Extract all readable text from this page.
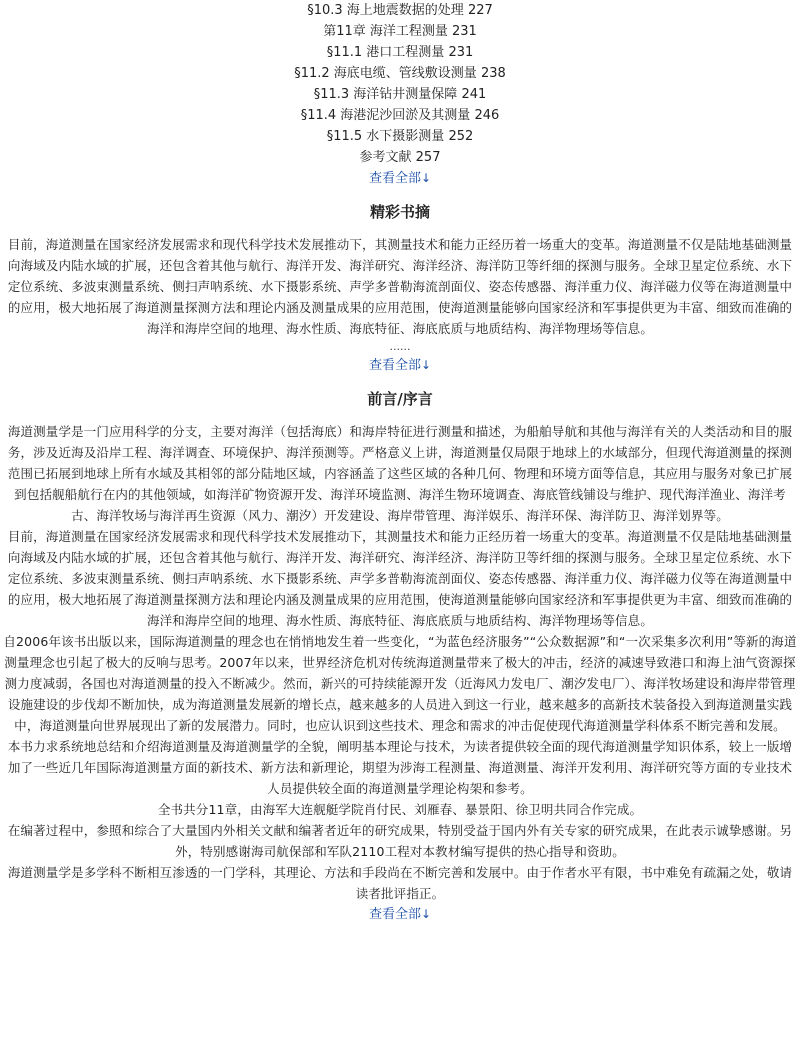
§10.3 海上地震数据的处理 227
第11章 海洋工程测量 231
§11.1 港口工程测量 231
§11.2 海底电缆、管线敷设测量 238
§11.3 海洋钻井测量保障 241
§11.4 海港泥沙回淤及其测量 246
§11.5 水下摄影测量 252
参考文献 257
查看全部↓
精彩书摘

目前，海道测量在国家经济发展需求和现代科学技术发展推动下，其测量技术和能力正经历着一场重大的变革。海道测量不仅是陆地基础测量向海域及内陆水域的扩展，还包含着其他与航行、海洋开发、海洋研究、海洋经济、海洋防卫等纤细的探测与服务。全球卫星定位系统、水下定位系统、多波束测量系统、侧扫声呐系统、水下摄影系统、声学多普勒海流剖面仪、姿态传感器、海洋重力仪、海洋磁力仪等在海道测量中的应用，极大地拓展了海道测量探测方法和理论内涵及测量成果的应用范围，使海道测量能够向国家经济和军事提供更为丰富、细致而准确的海洋和海岸空间的地理、海水性质、海底特征、海底底质与地质结构、海洋物理场等信息。

......
查看全部↓
前言/序言

海道测量学是一门应用科学的分支，主要对海洋（包括海底）和海岸特征进行测量和描述，为船舶导航和其他与海洋有关的人类活动和目的服务，涉及近海及沿岸工程、海洋调查、环境保护、海洋预测等。严格意义上讲，海道测量仅局限于地球上的水域部分，但现代海道测量的探测范围已拓展到地球上所有水域及其相邻的部分陆地区域，内容涵盖了这些区域的各种几何、物理和环境方面等信息，其应用与服务对象已扩展到包括舰船航行在内的其他领域，如海洋矿物资源开发、海洋环境监测、海洋生物环境调查、海底管线铺设与维护、现代海洋渔业、海洋考古、海洋牧场与海洋再生资源（风力、潮汐）开发建设、海岸带管理、海洋娱乐、海洋环保、海洋防卫、海洋划界等。

目前，海道测量在国家经济发展需求和现代科学技术发展推动下，其测量技术和能力正经历着一场重大的变革。海道测量不仅是陆地基础测量向海域及内陆水域的扩展，还包含着其他与航行、海洋开发、海洋研究、海洋经济、海洋防卫等纤细的探测与服务。全球卫星定位系统、水下定位系统、多波束测量系统、侧扫声呐系统、水下摄影系统、声学多普勒海流剖面仪、姿态传感器、海洋重力仪、海洋磁力仪等在海道测量中的应用，极大地拓展了海道测量探测方法和理论内涵及测量成果的应用范围，使海道测量能够向国家经济和军事提供更为丰富、细致而准确的海洋和海岸空间的地理、海水性质、海底特征、海底底质与地质结构、海洋物理场等信息。

自2006年该书出版以来，国际海道测量的理念也在悄悄地发生着一些变化，“为蓝色经济服务”“公众数据源”和“一次采集多次利用”等新的海道测量理念也引起了极大的反响与思考。2007年以来，世界经济危机对传统海道测量带来了极大的冲击，经济的减速导致港口和海上油气资源探测力度减弱，各国也对海道测量的投入不断减少。然而，新兴的可持续能源开发（近海风力发电厂、潮汐发电厂）、海洋牧场建设和海岸带管理设施建设的步伐却不断加快，成为海道测量发展新的增长点，越来越多的人员进入到这一行业，越来越多的高新技术装备投入到海道测量实践中，海道测量向世界展现出了新的发展潜力。同时，也应认识到这些技术、理念和需求的冲击促使现代海道测量学科体系不断完善和发展。

本书力求系统地总结和介绍海道测量及海道测量学的全貌，阐明基本理论与技术，为读者提供较全面的现代海道测量学知识体系，较上一版增加了一些近几年国际海道测量方面的新技术、新方法和新理论，期望为涉海工程测量、海道测量、海洋开发利用、海洋研究等方面的专业技术人员提供较全面的海道测量学理论构架和参考。

全书共分11章，由海军大连舰艇学院肖付民、刘雁春、暴景阳、徐卫明共同合作完成。

在编著过程中，参照和综合了大量国内外相关文献和编著者近年的研究成果，特别受益于国内外有关专家的研究成果，在此表示诚挚感谢。另外，特别感谢海司航保部和军队2110工程对本教材编写提供的热心指导和资助。

海道测量学是多学科不断相互渗透的一门学科，其理论、方法和手段尚在不断完善和发展中。由于作者水平有限，书中难免有疏漏之处，敬请读者批评指正。

查看全部↓
